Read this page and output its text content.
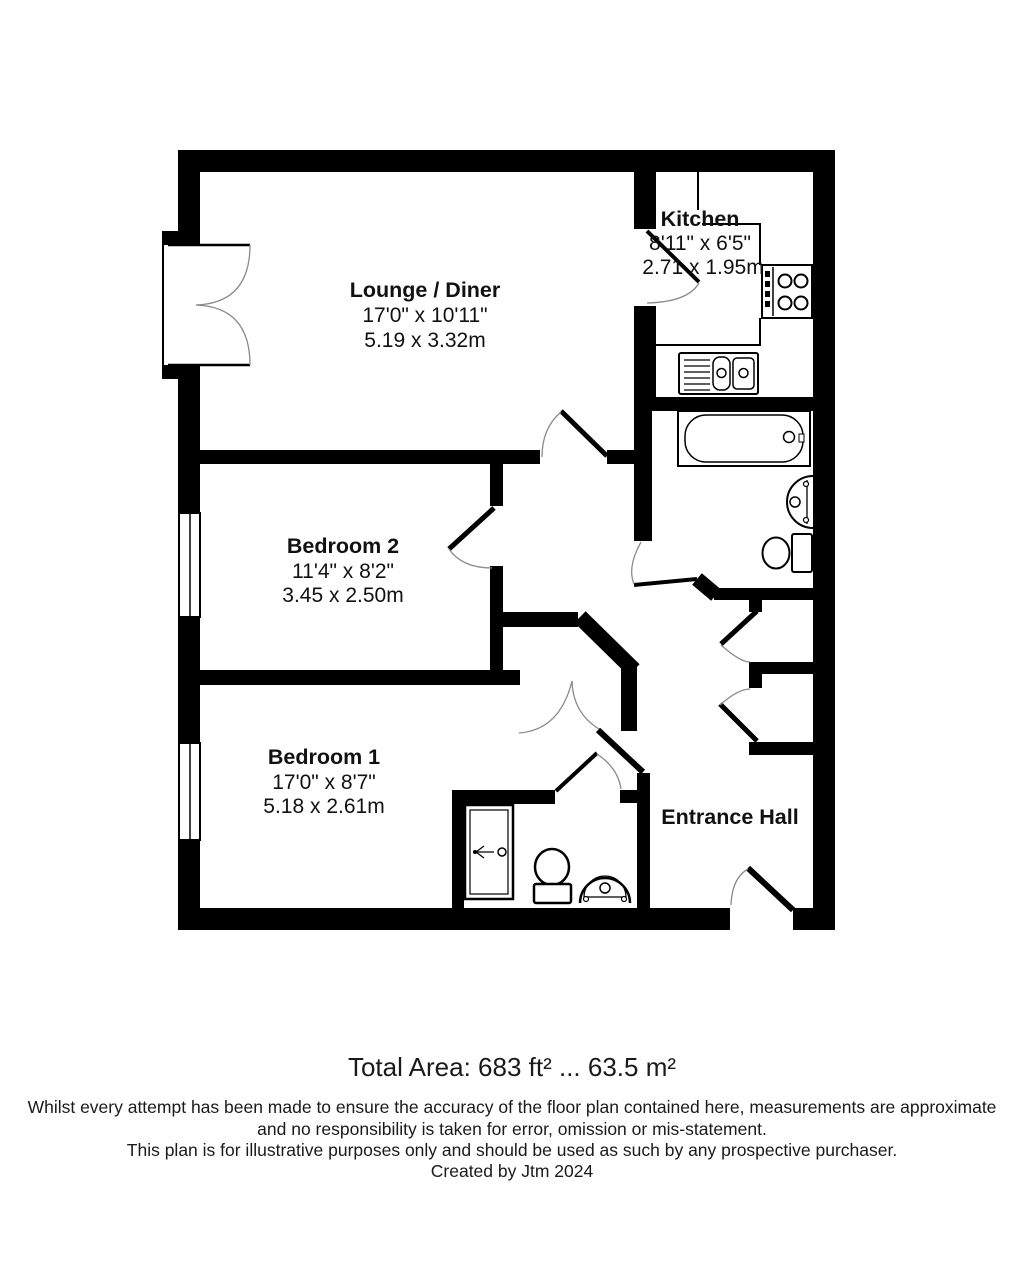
Lounge / Diner
17'0" x 10'11"
5.19 x 3.32m
Kitchen
8'11" x 6'5"
2.71 x 1.95m
Bedroom 2
11'4" x 8'2"
3.45 x 2.50m
Bedroom 1
17'0" x 8'7"
5.18 x 2.61m	Entrance Hall
Total Area: 683 ft² ... 63.5 m²
Whilst every attempt has been made to ensure the accuracy of the floor plan contained here, measurements are approximate
and no responsibility is taken for error, omission or mis-statement.
This plan is for illustrative purposes only and should be used as such by any prospective purchaser.
Created by Jtm 2024
